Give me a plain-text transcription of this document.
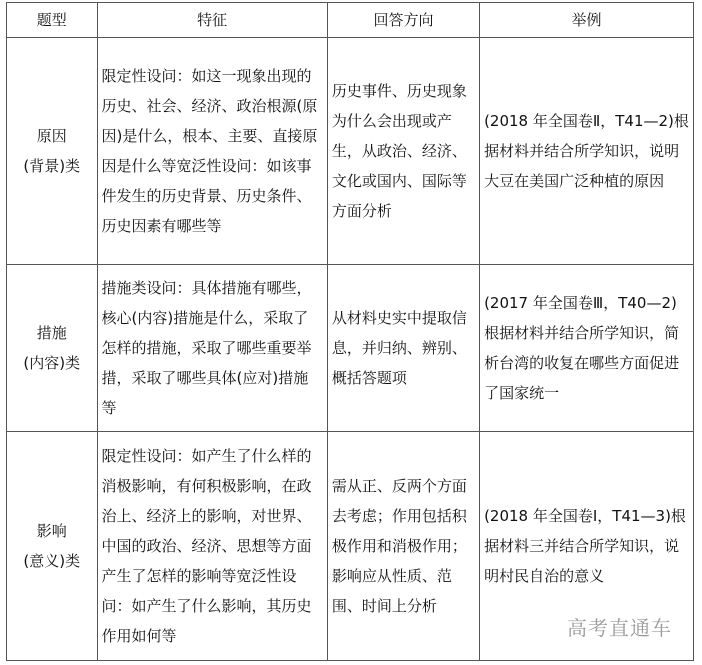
题型	特征	回答方向	举例

原因
(背景)类	限定性设问：如这一现象出现的历史、社会、经济、政治根源(原因)是什么，根本、主要、直接原因是什么等宽泛性设问：如该事件发生的历史背景、历史条件、历史因素有哪些等	历史事件、历史现象为什么会出现或产生，从政治、经济、文化或国内、国际等方面分析	(2018 年全国卷Ⅱ，T41—2)根据材料并结合所学知识，说明大豆在美国广泛种植的原因

措施
(内容)类	措施类设问：具体措施有哪些，核心(内容)措施是什么，采取了怎样的措施，采取了哪些重要举措，采取了哪些具体(应对)措施等	从材料史实中提取信息，并归纳、辨别、概括答题项	(2017 年全国卷Ⅲ，T40—2)根据材料并结合所学知识，简析台湾的收复在哪些方面促进了国家统一

影响
(意义)类	限定性设问：如产生了什么样的消极影响，有何积极影响，在政治上、经济上的影响，对世界、中国的政治、经济、思想等方面产生了怎样的影响等宽泛性设问：如产生了什么影响，其历史作用如何等	需从正、反两个方面去考虑；作用包括积极作用和消极作用；影响应从性质、范围、时间上分析	(2018 年全国卷Ⅰ，T41—3)根据材料三并结合所学知识，说明村民自治的意义
高考直通车
